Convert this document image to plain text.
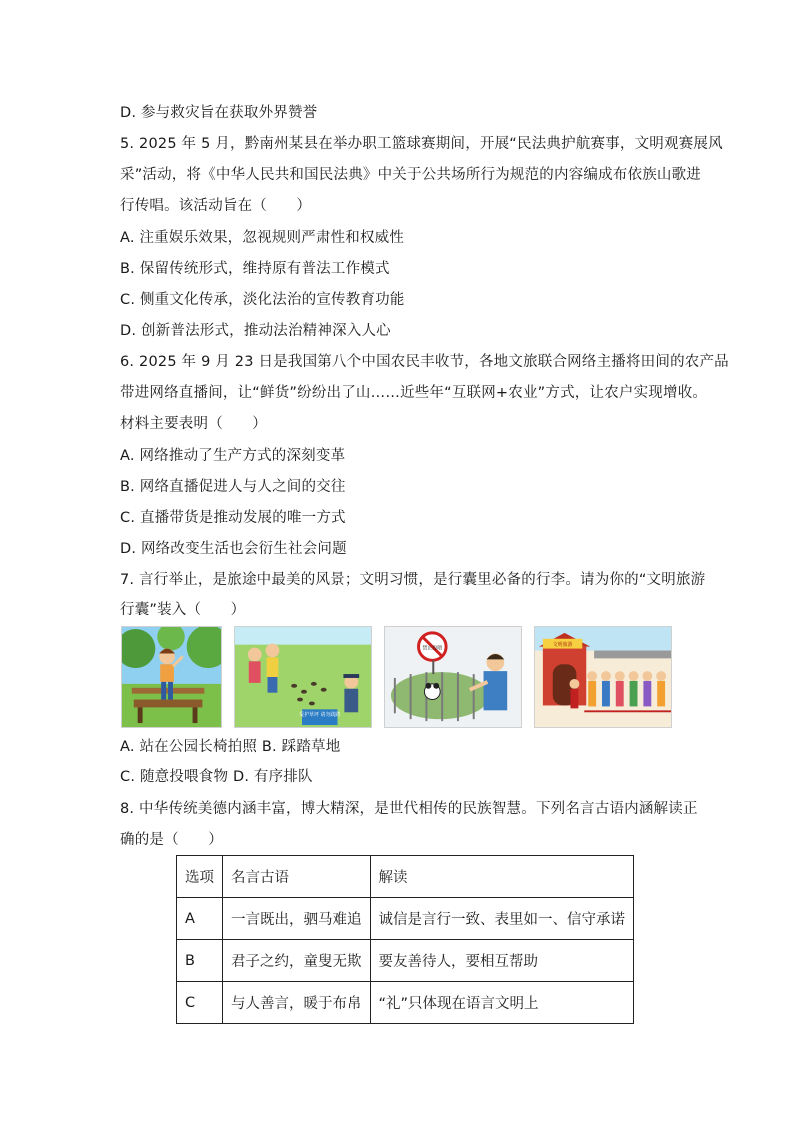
D. 参与救灾旨在获取外界赞誉
5. 2025 年 5 月，黔南州某县在举办职工篮球赛期间，开展“民法典护航赛事，文明观赛展风
采”活动，将《中华人民共和国民法典》中关于公共场所行为规范的内容编成布依族山歌进
行传唱。该活动旨在（　　）
A. 注重娱乐效果，忽视规则严肃性和权威性
B. 保留传统形式，维持原有普法工作模式
C. 侧重文化传承，淡化法治的宣传教育功能
D. 创新普法形式，推动法治精神深入人心
6. 2025 年 9 月 23 日是我国第八个中国农民丰收节，各地文旅联合网络主播将田间的农产品
带进网络直播间，让“鲜货”纷纷出了山……近些年“互联网+农业”方式，让农户实现增收。
材料主要表明（　　）
A. 网络推动了生产方式的深刻变革
B. 网络直播促进人与人之间的交往
C. 直播带货是推动发展的唯一方式
D. 网络改变生活也会衍生社会问题
7. 言行举止，是旅途中最美的风景；文明习惯，是行囊里必备的行李。请为你的“文明旅游
行囊”装入（　　）
爱护草坪 请勿践踏
禁止投喂
文明旅游
A. 站在公园长椅拍照 B. 踩踏草地
C. 随意投喂食物 D. 有序排队
8. 中华传统美德内涵丰富，博大精深，是世代相传的民族智慧。下列名言古语内涵解读正
确的是（　　）
选项	名言古语	解读
A	一言既出，驷马难追	诚信是言行一致、表里如一、信守承诺
B	君子之约，童叟无欺	要友善待人，要相互帮助
C	与人善言，暖于布帛	“礼”只体现在语言文明上
